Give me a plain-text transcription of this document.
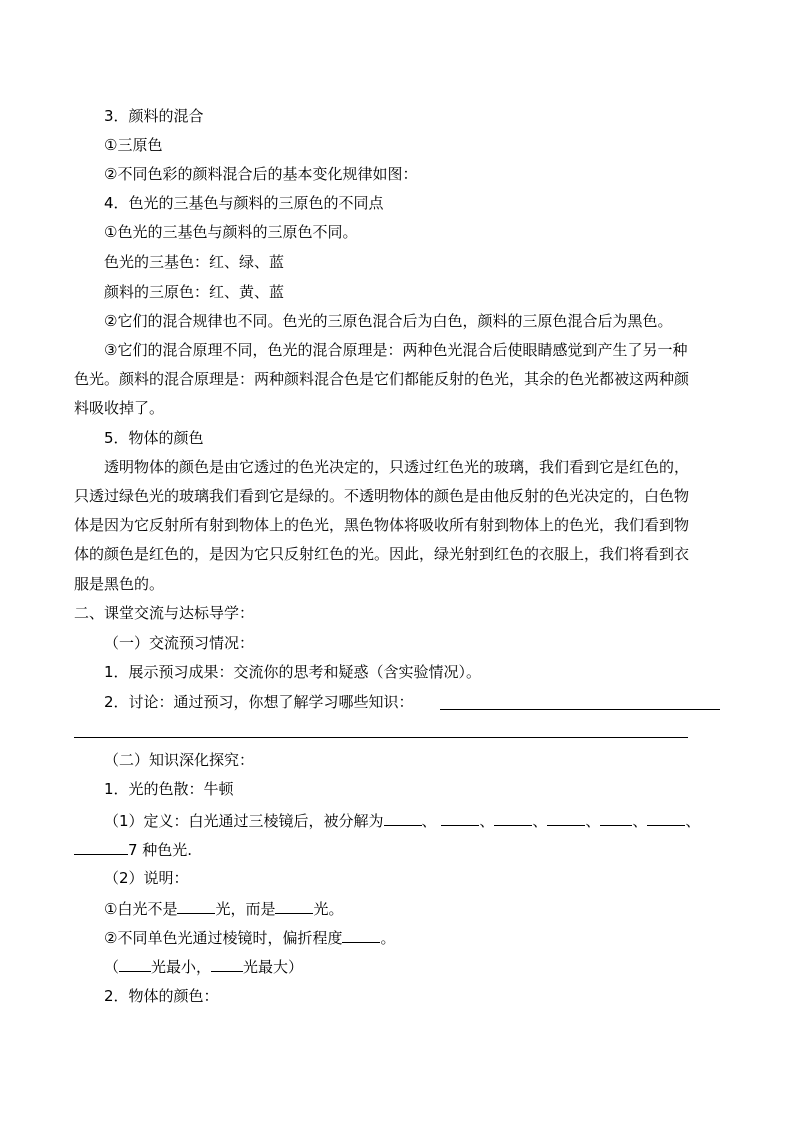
3．颜料的混合
①三原色
②不同色彩的颜料混合后的基本变化规律如图：
4．色光的三基色与颜料的三原色的不同点
①色光的三基色与颜料的三原色不同。
色光的三基色：红、绿、蓝
颜料的三原色：红、黄、蓝
②它们的混合规律也不同。色光的三原色混合后为白色，颜料的三原色混合后为黑色。
③它们的混合原理不同，色光的混合原理是：两种色光混合后使眼睛感觉到产生了另一种
色光。颜料的混合原理是：两种颜料混合色是它们都能反射的色光，其余的色光都被这两种颜
料吸收掉了。
5．物体的颜色
透明物体的颜色是由它透过的色光决定的，只透过红色光的玻璃，我们看到它是红色的，
只透过绿色光的玻璃我们看到它是绿的。不透明物体的颜色是由他反射的色光决定的，白色物
体是因为它反射所有射到物体上的色光，黑色物体将吸收所有射到物体上的色光，我们看到物
体的颜色是红色的，是因为它只反射红色的光。因此，绿光射到红色的衣服上，我们将看到衣
服是黑色的。
二、课堂交流与达标导学：
（一）交流预习情况：
1．展示预习成果：交流你的思考和疑惑（含实验情况）。
2．讨论：通过预习，你想了解学习哪些知识：
（二）知识深化探究：
1．光的色散：牛顿
（1）定义：白光通过三棱镜后，被分解为	、	、	、	、 、	、
7 种色光.
（2）说明：
①白光不是	光，而是	光。
②不同单色光通过棱镜时，偏折程度	。
（ 光最小， 光最大）
2．物体的颜色：
